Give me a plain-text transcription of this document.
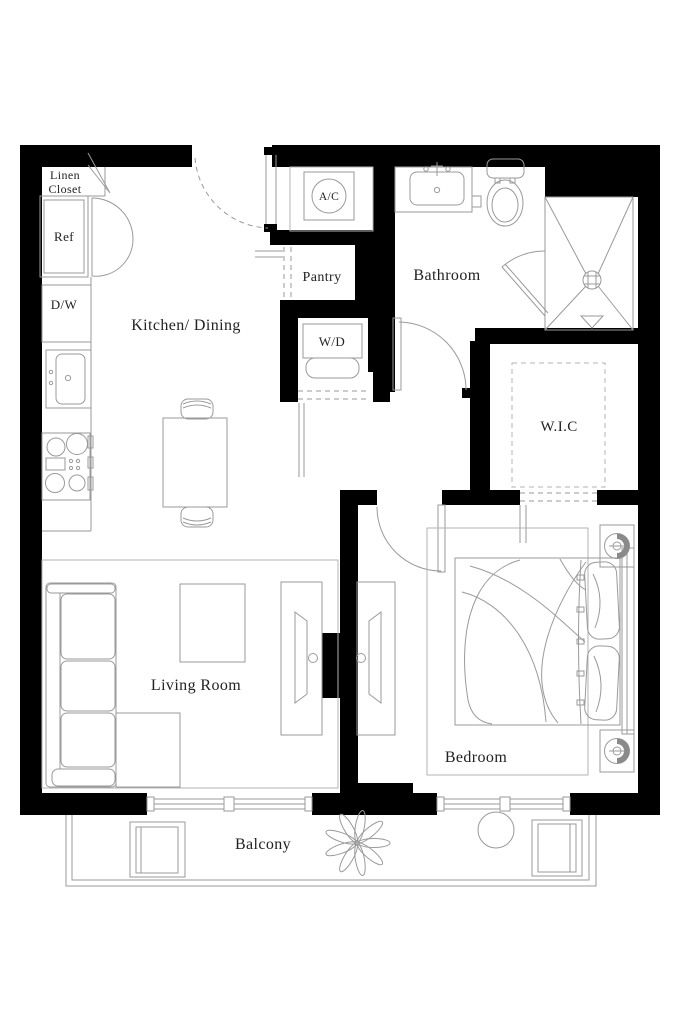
Linen
Closet
Ref
D/W
Kitchen/ Dining
A/C
Pantry	Bathroom
W/D
W.I.C
Living Room
Bedroom
Balcony
